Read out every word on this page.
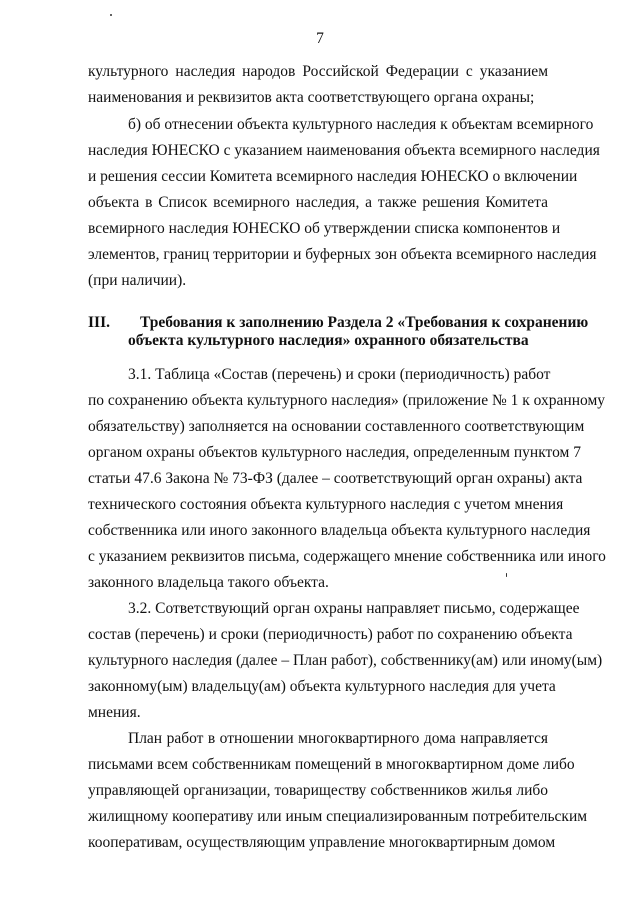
7
культурного наследия народов Российской Федерации с указанием
наименования и реквизитов акта соответствующего органа охраны;
б) об отнесении объекта культурного наследия к объектам всемирного
наследия ЮНЕСКО с указанием наименования объекта всемирного наследия
и решения сессии Комитета всемирного наследия ЮНЕСКО о включении
объекта в Список всемирного наследия, а также решения Комитета
всемирного наследия ЮНЕСКО об утверждении списка компонентов и
элементов, границ территории и буферных зон объекта всемирного наследия
(при наличии).
III. Требования к заполнению Раздела 2 «Требования к сохранению
объекта культурного наследия» охранного обязательства
3.1. Таблица «Состав (перечень) и сроки (периодичность) работ
по сохранению объекта культурного наследия» (приложение № 1 к охранному
обязательству) заполняется на основании составленного соответствующим
органом охраны объектов культурного наследия, определенным пунктом 7
статьи 47.6 Закона № 73-ФЗ (далее – соответствующий орган охраны) акта
технического состояния объекта культурного наследия с учетом мнения
собственника или иного законного владельца объекта культурного наследия
с указанием реквизитов письма, содержащего мнение собственника или иного
законного владельца такого объекта.
3.2. Сответствующий орган охраны направляет письмо, содержащее
состав (перечень) и сроки (периодичность) работ по сохранению объекта
культурного наследия (далее – План работ), собственнику(ам) или иному(ым)
законному(ым) владельцу(ам) объекта культурного наследия для учета
мнения.
План работ в отношении многоквартирного дома направляется
письмами всем собственникам помещений в многоквартирном доме либо
управляющей организации, товариществу собственников жилья либо
жилищному кооперативу или иным специализированным потребительским
кооперативам, осуществляющим управление многоквартирным домом
